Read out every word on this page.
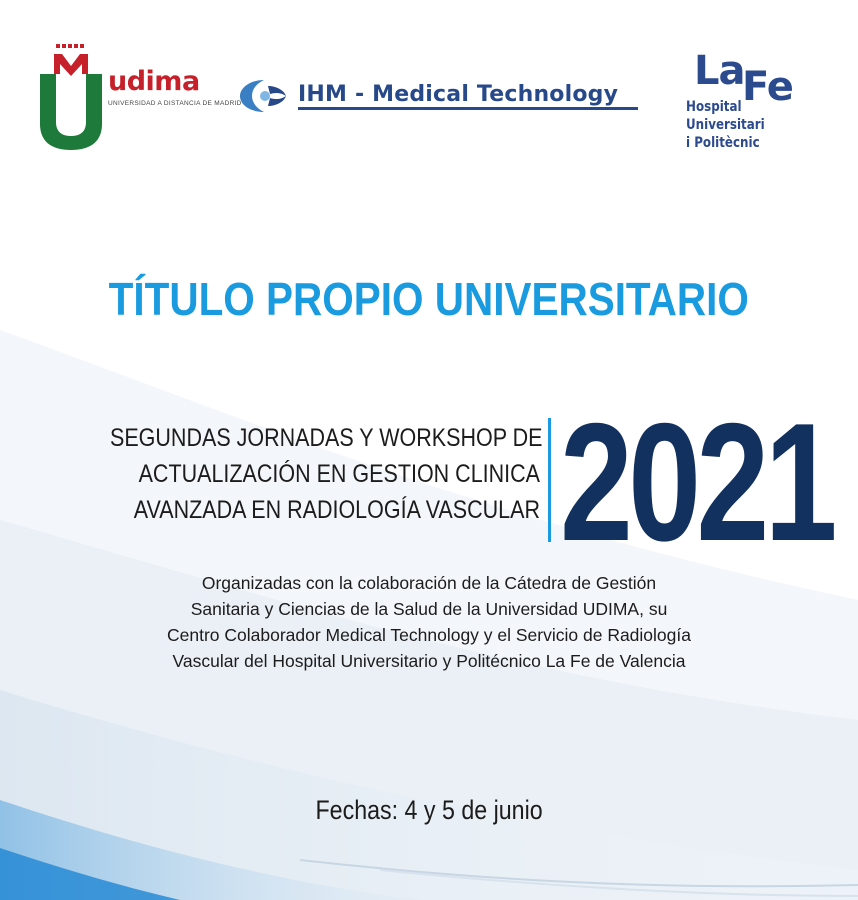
udima
UNIVERSIDAD A DISTANCIA DE MADRID	IHM - Medical Technology
La
Fe
Hospital
Universitari
i Politècnic
TÍTULO PROPIO UNIVERSITARIO
SEGUNDAS JORNADAS Y WORKSHOP DE
ACTUALIZACIÓN EN GESTION CLINICA
AVANZADA EN RADIOLOGÍA VASCULAR 2021
Organizadas con la colaboración de la Cátedra de Gestión
Sanitaria y Ciencias de la Salud de la Universidad UDIMA, su
Centro Colaborador Medical Technology y el Servicio de Radiología
Vascular del Hospital Universitario y Politécnico La Fe de Valencia
Fechas: 4 y 5 de junio
